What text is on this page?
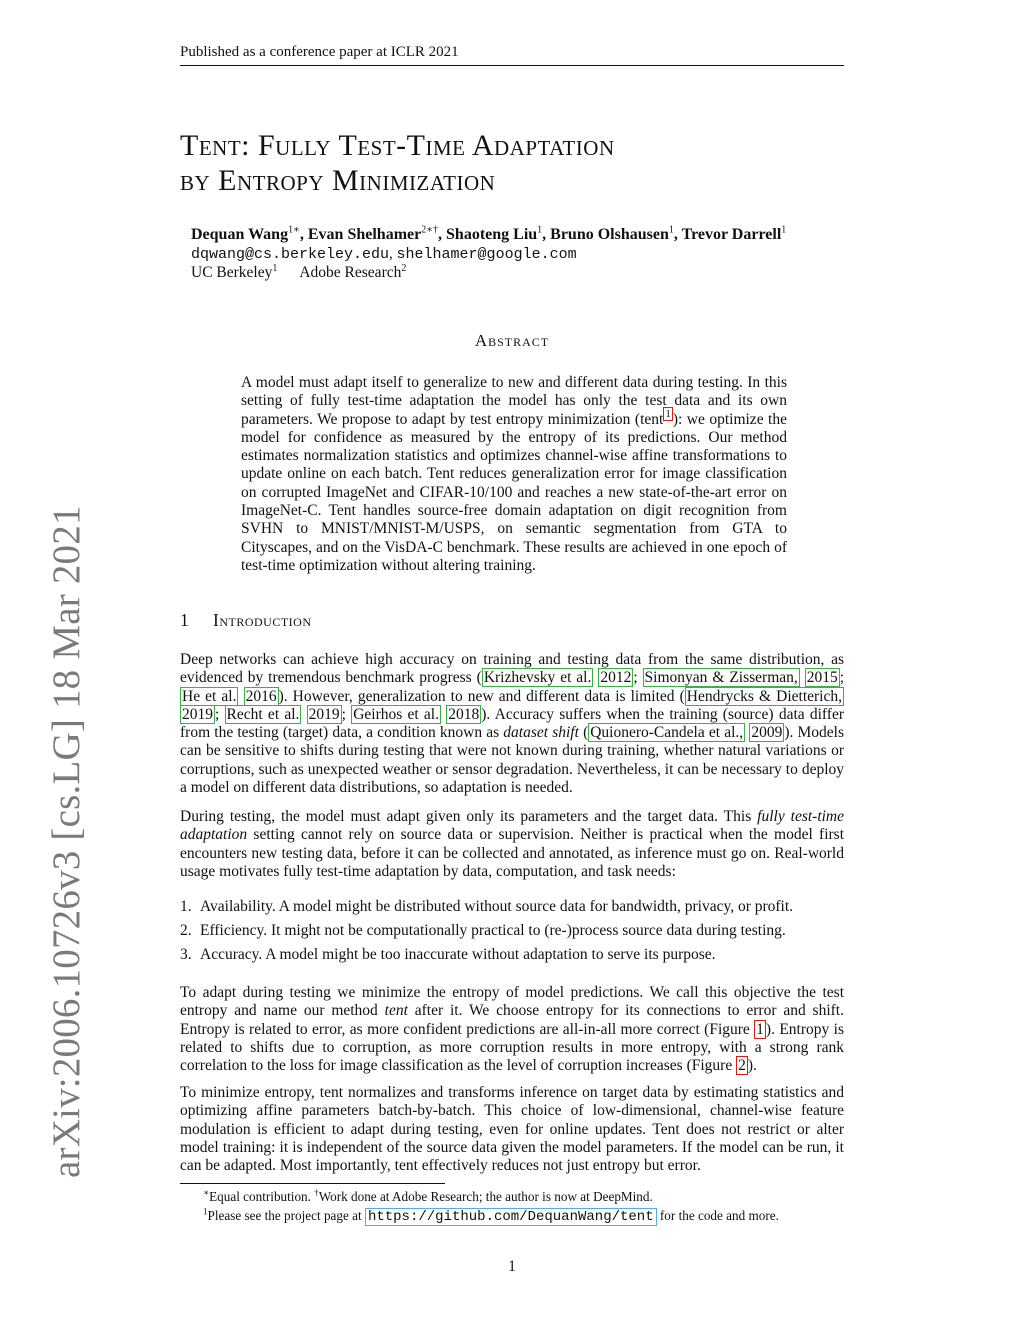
Published as a conference paper at ICLR 2021
arXiv:2006.10726v3 [cs.LG] 18 Mar 2021
Tent: Fully Test-Time Adaptation
by Entropy Minimization
Dequan Wang$^{1∗}$, Evan Shelhamer$^{2∗\dagger}$, Shaoteng Liu$^1$, Bruno Olshausen$^1$, Trevor Darrell$^1$
dqwang@cs.berkeley.edu, shelhamer@google.com
UC Berkeley$^1$ Adobe Research$^2$
Abstract
A model must adapt itself to generalize to new and different data during testing. In this setting of fully test-time adaptation the model has only the test data and its own parameters. We propose to adapt by test entropy minimization (tent $^1$ ): we optimize the model for confidence as measured by the entropy of its predictions. Our method estimates normalization statistics and optimizes channel-wise affine transformations to update online on each batch. Tent reduces generalization error for image classification on corrupted ImageNet and CIFAR-10/100 and reaches a new state-of-the-art error on ImageNet-C. Tent handles source-free domain adaptation on digit recognition from SVHN to MNIST/MNIST-M/USPS, on semantic segmentation from GTA to Cityscapes, and on the VisDA-C benchmark. These results are achieved in one epoch of test-time optimization without altering training.
1 Introduction
Deep networks can achieve high accuracy on training and testing data from the same distribution, as evidenced by tremendous benchmark progress ( Krizhevsky et al. 2012 ; Simonyan & Zisserman, 2015 ; He et al. 2016 ). However, generalization to new and different data is limited ( Hendrycks & Dietterich, 2019 ; Recht et al. 2019 ; Geirhos et al. 2018 ). Accuracy suffers when the training (source) data differ from the testing (target) data, a condition known as dataset shift ( Quionero-Candela et al., 2009 ). Models can be sensitive to shifts during testing that were not known during training, whether natural variations or corruptions, such as unexpected weather or sensor degradation. Nevertheless, it can be necessary to deploy a model on different data distributions, so adaptation is needed.
During testing, the model must adapt given only its parameters and the target data. This fully test-time adaptation setting cannot rely on source data or supervision. Neither is practical when the model first encounters new testing data, before it can be collected and annotated, as inference must go on. Real-world usage motivates fully test-time adaptation by data, computation, and task needs:
1. Availability. A model might be distributed without source data for bandwidth, privacy, or profit.
2. Efficiency. It might not be computationally practical to (re-)process source data during testing.
3. Accuracy. A model might be too inaccurate without adaptation to serve its purpose.
To adapt during testing we minimize the entropy of model predictions. We call this objective the test entropy and name our method tent after it. We choose entropy for its connections to error and shift. Entropy is related to error, as more confident predictions are all-in-all more correct (Figure 1 ). Entropy is related to shifts due to corruption, as more corruption results in more entropy, with a strong rank correlation to the loss for image classification as the level of corruption increases (Figure 2 ).
To minimize entropy, tent normalizes and transforms inference on target data by estimating statistics and optimizing affine parameters batch-by-batch. This choice of low-dimensional, channel-wise feature modulation is efficient to adapt during testing, even for online updates. Tent does not restrict or alter model training: it is independent of the source data given the model parameters. If the model can be run, it can be adapted. Most importantly, tent effectively reduces not just entropy but error.
∗Equal contribution. †Work done at Adobe Research; the author is now at DeepMind.
$^1$Please see the project page at https://github.com/DequanWang/tent for the code and more.
1
